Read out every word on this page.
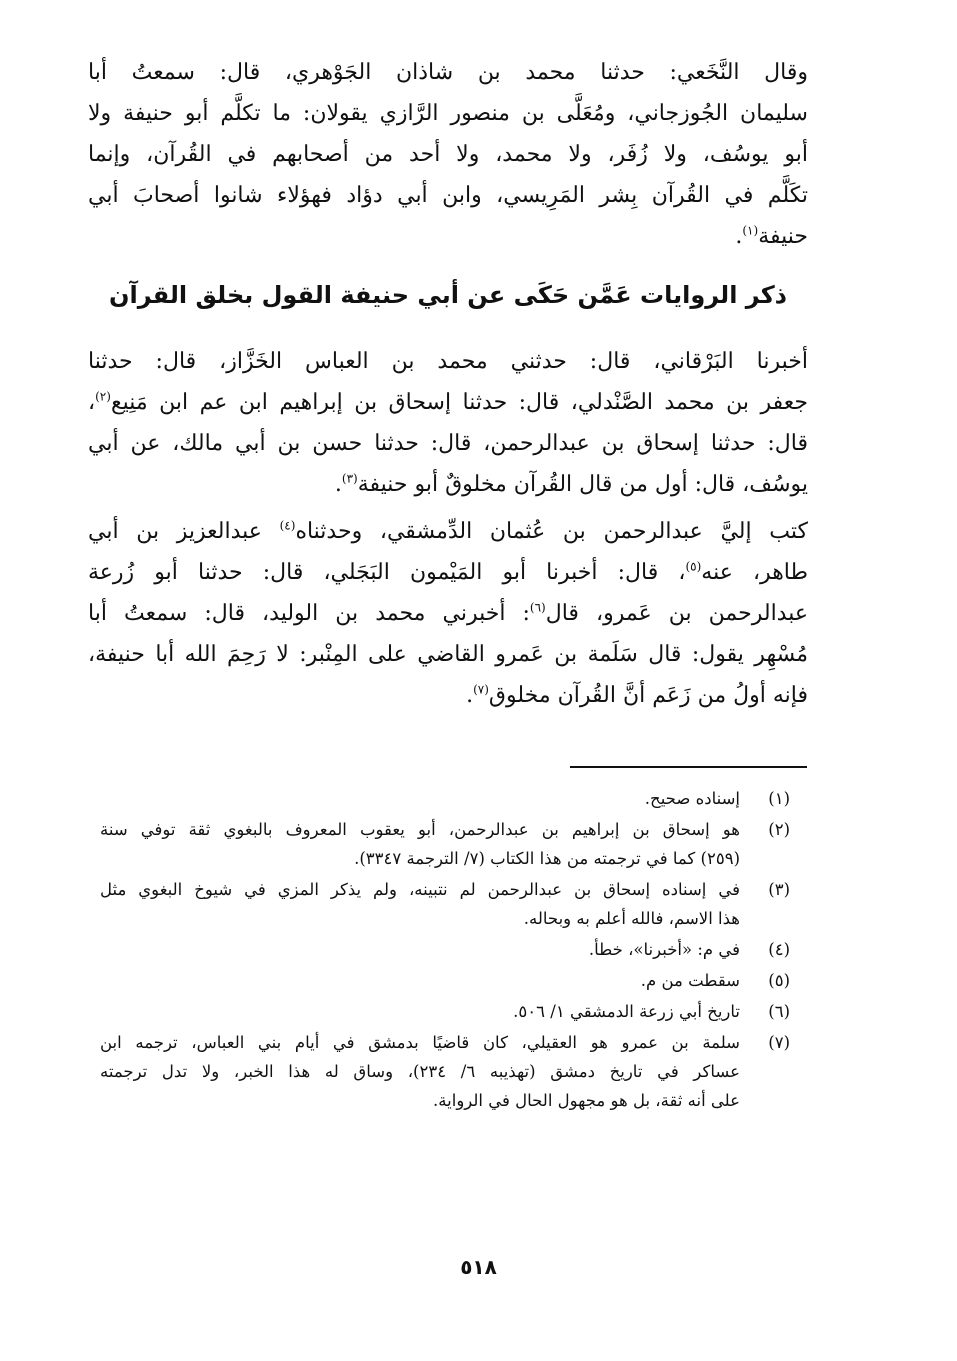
وقال النَّخَعي: حدثنا محمد بن شاذان الجَوْهري، قال: سمعتُ أبا
سليمان الجُوزجاني، ومُعَلَّى بن منصور الرَّازي يقولان: ما تكلَّم أبو حنيفة ولا
أبو يوسُف، ولا زُفَر، ولا محمد، ولا أحد من أصحابهم في القُرآن، وإنما
تكَلَّم في القُرآن بِشر المَرِيسي، وابن أبي دؤاد فهؤلاء شانوا أصحابَ أبي
حنيفة$^{(١)}$.
ذكر الروايات عَمَّن حَكَى عن أبي حنيفة القول بخلق القرآن
أخبرنا البَرْقاني، قال: حدثني محمد بن العباس الخَزَّاز، قال: حدثنا
جعفر بن محمد الصَّنْدلي، قال: حدثنا إسحاق بن إبراهيم ابن عم ابن مَنِيع$^{(٢)}$،
قال: حدثنا إسحاق بن عبدالرحمن، قال: حدثنا حسن بن أبي مالك، عن أبي
يوسُف، قال: أول من قال القُرآن مخلوقٌ أبو حنيفة$^{(٣)}$.
كتب إليَّ عبدالرحمن بن عُثمان الدِّمشقي، وحدثناه$^{(٤)}$ عبدالعزيز بن أبي
طاهر، عنه$^{(٥)}$، قال: أخبرنا أبو المَيْمون البَجَلي، قال: حدثنا أبو زُرعة
عبدالرحمن بن عَمرو، قال$^{(٦)}$: أخبرني محمد بن الوليد، قال: سمعتُ أبا
مُسْهِر يقول: قال سَلَمة بن عَمرو القاضي على المِنْبر: لا رَحِمَ الله أبا حنيفة،
فإنه أولُ من زَعَم أنَّ القُرآن مخلوق$^{(٧)}$.
(١)
إسناده صحيح.
(٢)
هو إسحاق بن إبراهيم بن عبدالرحمن، أبو يعقوب المعروف بالبغوي ثقة توفي سنة
(٢٥٩) كما في ترجمته من هذا الكتاب (٧/ الترجمة ٣٣٤٧).
(٣)
في إسناده إسحاق بن عبدالرحمن لم نتبينه، ولم يذكر المزي في شيوخ البغوي مثل
هذا الاسم، فالله أعلم به وبحاله.
(٤)
في م: «أخبرنا»، خطأ.
(٥)
سقطت من م.
(٦)
تاريخ أبي زرعة الدمشقي ١/ ٥٠٦.
(٧)
سلمة بن عمرو هو العقيلي، كان قاضيًا بدمشق في أيام بني العباس، ترجمه ابن
عساكر في تاريخ دمشق (تهذيبه ٦/ ٢٣٤)، وساق له هذا الخبر، ولا تدل ترجمته
على أنه ثقة، بل هو مجهول الحال في الرواية.
٥١٨
